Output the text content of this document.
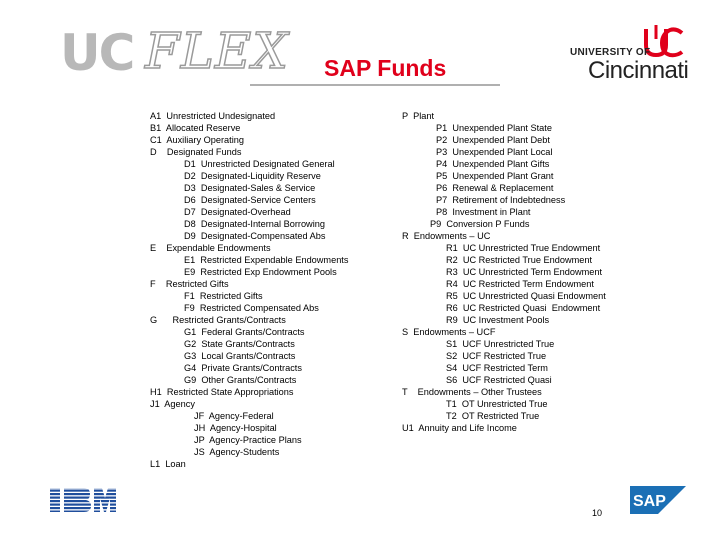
UC FLEX SAP Funds
UNIVERSITY OF
Cincinnati
A1  Unrestricted Undesignated
B1  Allocated Reserve
C1  Auxiliary Operating
D    Designated Funds
D1  Unrestricted Designated General
D2  Designated-Liquidity Reserve
D3  Designated-Sales & Service
D6  Designated-Service Centers
D7  Designated-Overhead
D8  Designated-Internal Borrowing
D9  Designated-Compensated Abs
E    Expendable Endowments
E1  Restricted Expendable Endowments
E9  Restricted Exp Endowment Pools
F    Restricted Gifts
F1  Restricted Gifts
F9  Restricted Compensated Abs
G      Restricted Grants/Contracts
G1  Federal Grants/Contracts
G2  State Grants/Contracts
G3  Local Grants/Contracts
G4  Private Grants/Contracts
G9  Other Grants/Contracts
H1  Restricted State Appropriations
J1  Agency
JF  Agency-Federal
JH  Agency-Hospital
JP  Agency-Practice Plans
JS  Agency-Students
L1  Loan
P  Plant
P1  Unexpended Plant State
P2  Unexpended Plant Debt
P3  Unexpended Plant Local
P4  Unexpended Plant Gifts
P5  Unexpended Plant Grant
P6  Renewal & Replacement
P7  Retirement of Indebtedness
P8  Investment in Plant
P9  Conversion P Funds
R  Endowments – UC
R1  UC Unrestricted True Endowment
R2  UC Restricted True Endowment
R3  UC Unrestricted Term Endowment
R4  UC Restricted Term Endowment
R5  UC Unrestricted Quasi Endowment
R6  UC Restricted Quasi  Endowment
R9  UC Investment Pools
S  Endowments – UCF
S1  UCF Unrestricted True
S2  UCF Restricted True
S4  UCF Restricted Term
S6  UCF Restricted Quasi
T    Endowments – Other Trustees
T1  OT Unrestricted True
T2  OT Restricted True
U1  Annuity and Life Income
10
SAP
